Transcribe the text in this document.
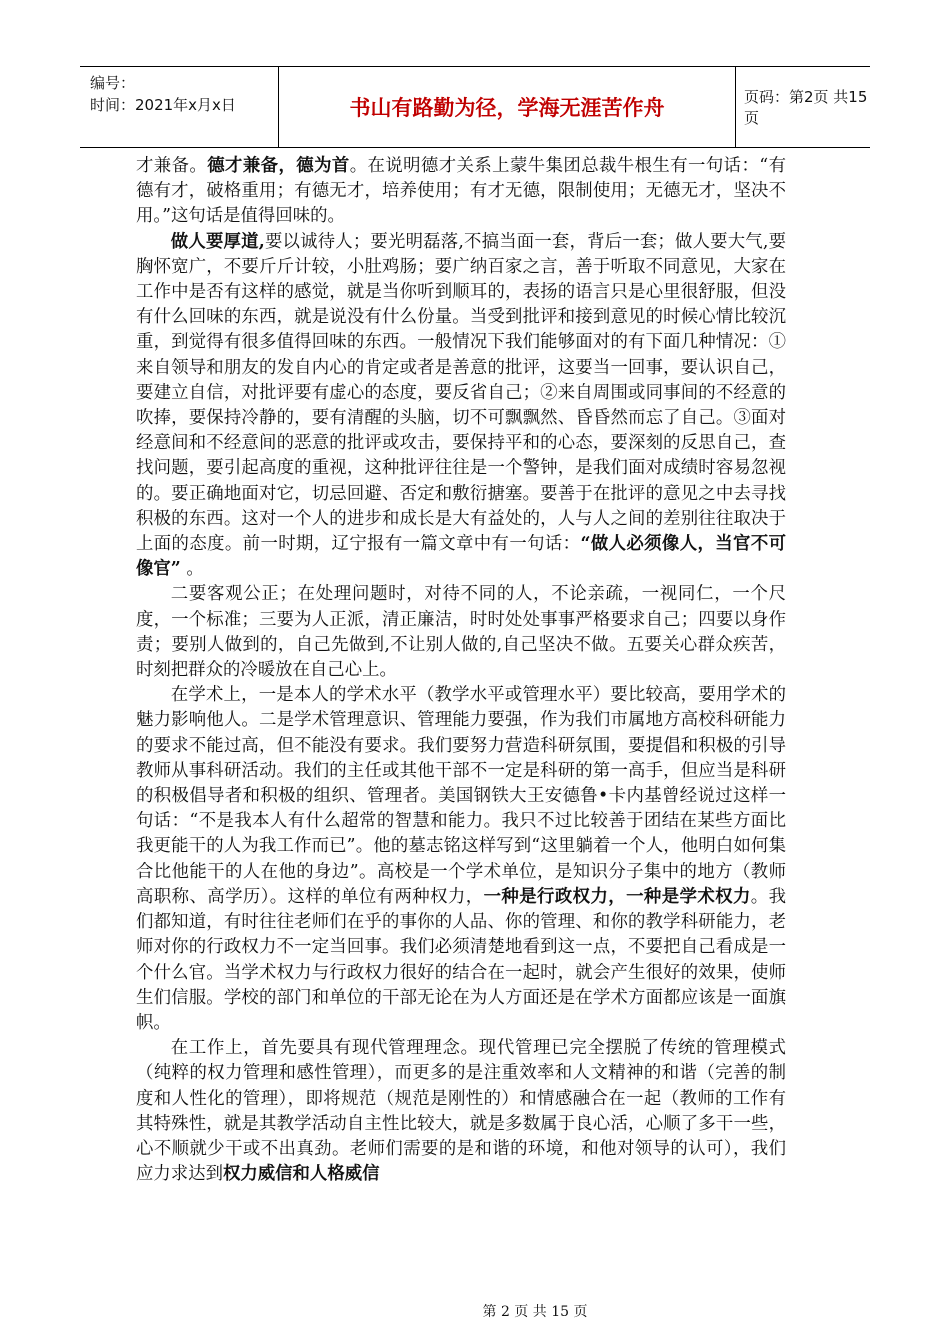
编号：
时间：2021年x月x日	书山有路勤为径，学海无涯苦作舟	页码：第2页 共15页

才兼备。德才兼备，德为首。在说明德才关系上蒙牛集团总裁牛根生有一句话：“有德有才，破格重用；有德无才，培养使用；有才无德，限制使用；无德无才，坚决不用。”这句话是值得回味的。

做人要厚道,要以诚待人；要光明磊落,不搞当面一套，背后一套；做人要大气,要胸怀宽广，不要斤斤计较，小肚鸡肠；要广纳百家之言，善于听取不同意见，大家在工作中是否有这样的感觉，就是当你听到顺耳的，表扬的语言只是心里很舒服，但没有什么回味的东西，就是说没有什么份量。当受到批评和接到意见的时候心情比较沉重，到觉得有很多值得回味的东西。一般情况下我们能够面对的有下面几种情况：①来自领导和朋友的发自内心的肯定或者是善意的批评，这要当一回事，要认识自己，要建立自信，对批评要有虚心的态度，要反省自己；②来自周围或同事间的不经意的吹捧，要保持冷静的，要有清醒的头脑，切不可飘飘然、昏昏然而忘了自己。③面对经意间和不经意间的恶意的批评或攻击，要保持平和的心态，要深刻的反思自己，查找问题，要引起高度的重视，这种批评往往是一个警钟，是我们面对成绩时容易忽视的。要正确地面对它，切忌回避、否定和敷衍搪塞。要善于在批评的意见之中去寻找积极的东西。这对一个人的进步和成长是大有益处的，人与人之间的差别往往取决于上面的态度。前一时期，辽宁报有一篇文章中有一句话：“做人必须像人，当官不可像官” 。

二要客观公正；在处理问题时，对待不同的人，不论亲疏，一视同仁，一个尺度，一个标准；三要为人正派，清正廉洁，时时处处事事严格要求自己；四要以身作责；要别人做到的，自己先做到,不让别人做的,自己坚决不做。五要关心群众疾苦，时刻把群众的冷暖放在自己心上。

在学术上，一是本人的学术水平（教学水平或管理水平）要比较高，要用学术的魅力影响他人。二是学术管理意识、管理能力要强，作为我们市属地方高校科研能力的要求不能过高，但不能没有要求。我们要努力营造科研氛围，要提倡和积极的引导教师从事科研活动。我们的主任或其他干部不一定是科研的第一高手，但应当是科研的积极倡导者和积极的组织、管理者。美国钢铁大王安德鲁•卡内基曾经说过这样一句话：“不是我本人有什么超常的智慧和能力。我只不过比较善于团结在某些方面比我更能干的人为我工作而已”。他的墓志铭这样写到“这里躺着一个人，他明白如何集合比他能干的人在他的身边”。高校是一个学术单位，是知识分子集中的地方（教师高职称、高学历）。这样的单位有两种权力，一种是行政权力，一种是学术权力。我们都知道，有时往往老师们在乎的事你的人品、你的管理、和你的教学科研能力，老师对你的行政权力不一定当回事。我们必须清楚地看到这一点，不要把自己看成是一个什么官。当学术权力与行政权力很好的结合在一起时，就会产生很好的效果，使师生们信服。学校的部门和单位的干部无论在为人方面还是在学术方面都应该是一面旗帜。

在工作上，首先要具有现代管理理念。现代管理已完全摆脱了传统的管理模式（纯粹的权力管理和感性管理），而更多的是注重效率和人文精神的和谐（完善的制度和人性化的管理），即将规范（规范是刚性的）和情感融合在一起（教师的工作有其特殊性，就是其教学活动自主性比较大，就是多数属于良心活，心顺了多干一些，心不顺就少干或不出真劲。老师们需要的是和谐的环境，和他对领导的认可），我们应力求达到权力威信和人格威信

第 2 页 共 15 页
